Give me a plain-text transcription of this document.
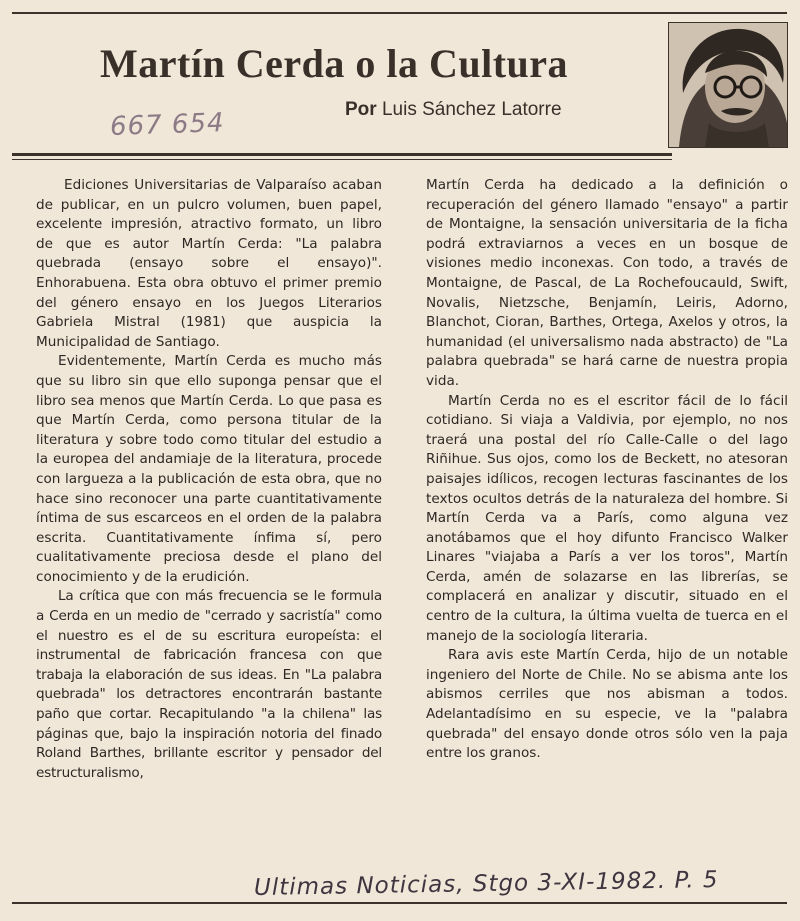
Martín Cerda o la Cultura
Por Luis Sánchez Latorre
667 654

Ediciones Universitarias de Valparaíso acaban de publicar, en un pulcro volumen, buen papel, excelente impresión, atractivo formato, un libro de que es autor Martín Cerda: "La palabra quebrada (ensayo sobre el ensayo)". Enhorabuena. Esta obra obtuvo el primer premio del género ensayo en los Juegos Literarios Gabriela Mistral (1981) que auspicia la Municipalidad de Santiago.

Evidentemente, Martín Cerda es mucho más que su libro sin que ello suponga pensar que el libro sea menos que Martín Cerda. Lo que pasa es que Martín Cerda, como persona titular de la literatura y sobre todo como titular del estudio a la europea del andamiaje de la literatura, procede con largueza a la publicación de esta obra, que no hace sino reconocer una parte cuantitativamente íntima de sus escarceos en el orden de la palabra escrita. Cuantitativamente ínfima sí, pero cualitativamente preciosa desde el plano del conocimiento y de la erudición.

La crítica que con más frecuencia se le formula a Cerda en un medio de "cerrado y sacristía" como el nuestro es el de su escritura europeísta: el instrumental de fabricación francesa con que trabaja la elaboración de sus ideas. En "La palabra quebrada" los detractores encontrarán bastante paño que cortar. Recapitulando "a la chilena" las páginas que, bajo la inspiración notoria del finado Roland Barthes, brillante escritor y pensador del estructuralismo,

Martín Cerda ha dedicado a la definición o recuperación del género llamado "ensayo" a partir de Montaigne, la sensación universitaria de la ficha podrá extraviarnos a veces en un bosque de visiones medio inconexas. Con todo, a través de Montaigne, de Pascal, de La Rochefoucauld, Swift, Novalis, Nietzsche, Benjamín, Leiris, Adorno, Blanchot, Cioran, Barthes, Ortega, Axelos y otros, la humanidad (el universalismo nada abstracto) de "La palabra quebrada" se hará carne de nuestra propia vida.

Martín Cerda no es el escritor fácil de lo fácil cotidiano. Si viaja a Valdivia, por ejemplo, no nos traerá una postal del río Calle-Calle o del lago Riñihue. Sus ojos, como los de Beckett, no atesoran paisajes idílicos, recogen lecturas fascinantes de los textos ocultos detrás de la naturaleza del hombre. Si Martín Cerda va a París, como alguna vez anotábamos que el hoy difunto Francisco Walker Linares "viajaba a París a ver los toros", Martín Cerda, amén de solazarse en las librerías, se complacerá en analizar y discutir, situado en el centro de la cultura, la última vuelta de tuerca en el manejo de la sociología literaria.

Rara avis este Martín Cerda, hijo de un notable ingeniero del Norte de Chile. No se abisma ante los abismos cerriles que nos abisman a todos. Adelantadísimo en su especie, ve la "palabra quebrada" del ensayo donde otros sólo ven la paja entre los granos.

Ultimas Noticias, Stgo 3-XI-1982. P. 5
